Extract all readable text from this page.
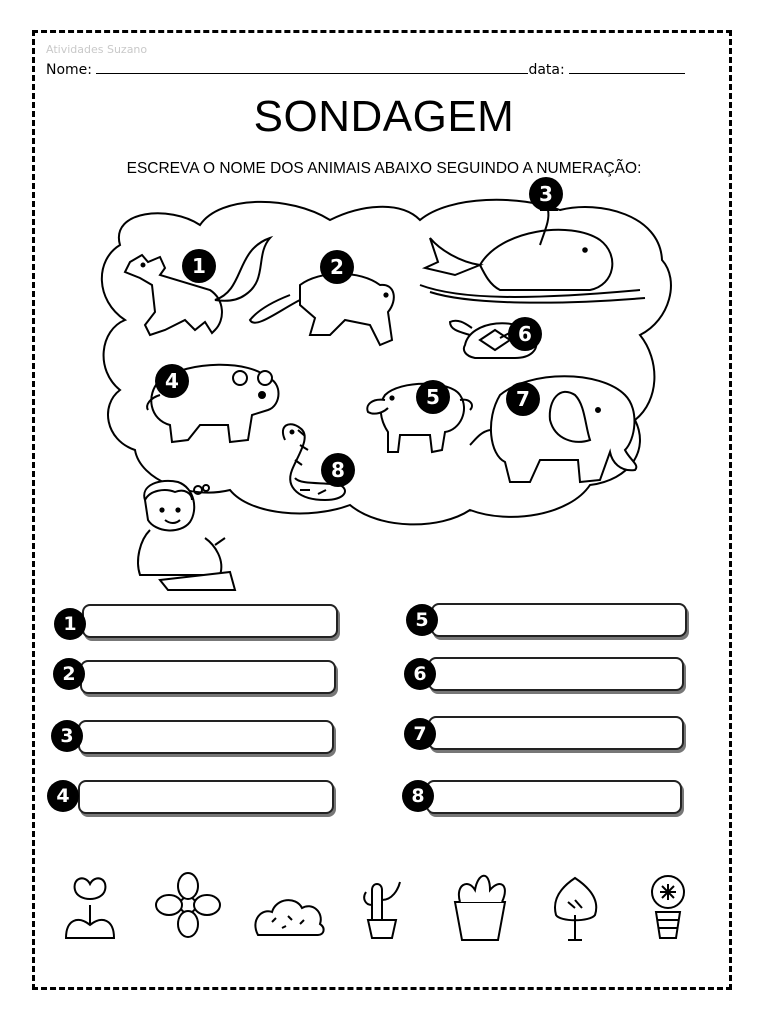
Atividades Suzano
Nome:	data:
SONDAGEM
ESCREVA O NOME DOS ANIMAIS ABAIXO SEGUINDO A NUMERAÇÃO:
1	2
3
4
5
6
7
8
1
2
3
4
5
6
7
8
